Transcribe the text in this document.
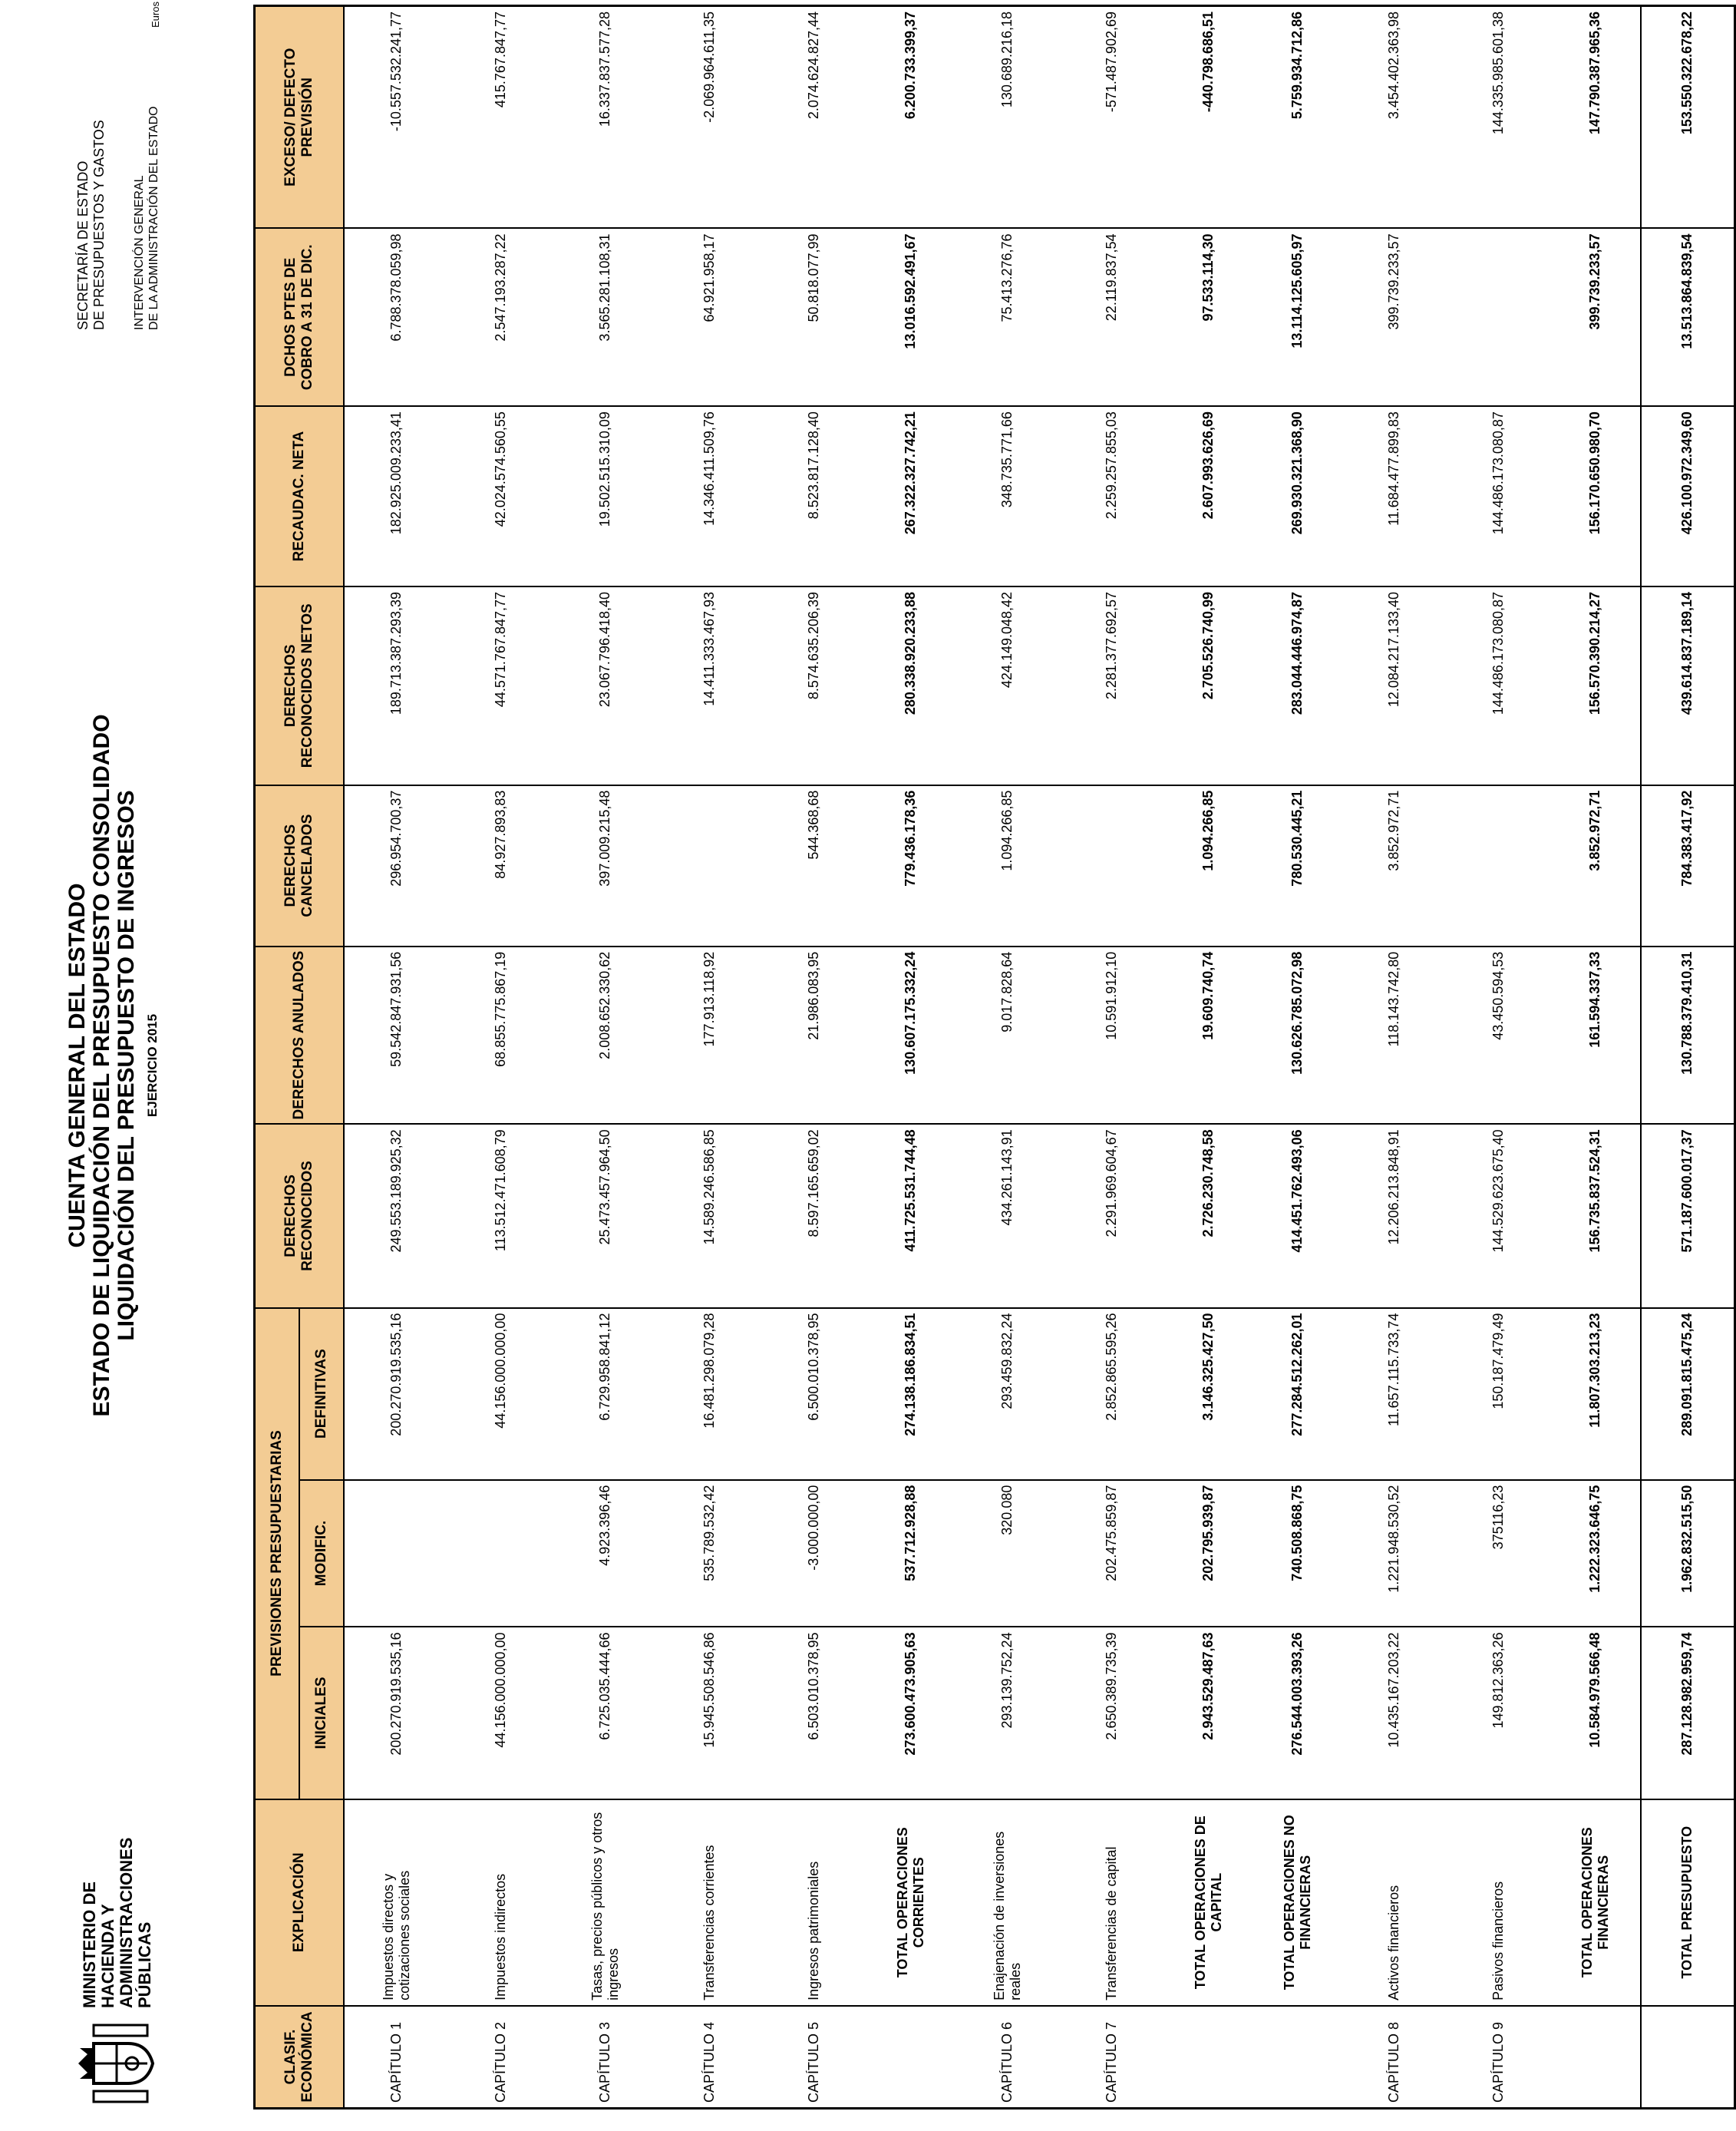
MINISTERIO DE HACIENDA Y ADMINISTRACIONES PÚBLICAS
CUENTA GENERAL DEL ESTADO ESTADO DE LIQUIDACIÓN DEL PRESUPUESTO CONSOLIDADO LIQUIDACIÓN DEL PRESUPUESTO DE INGRESOS EJERCICIO 2015
SECRETARÍA DE ESTADO DE PRESUPUESTOS Y GASTOS INTERVENCIÓN GENERAL DE LA ADMINISTRACIÓN DEL ESTADO
Euros
CLASIF. ECONÓMICA	EXPLICACIÓN	PREVISIONES PRESUPUESTARIAS			DERECHOS RECONOCIDOS	DERECHOS ANULADOS	DERECHOS CANCELADOS	DERECHOS RECONOCIDOS NETOS	RECAUDAC. NETA	DCHOS PTES DE COBRO A 31 DE DIC.	EXCESO/ DEFECTO PREVISIÓN
		INICIALES	MODIFIC.	DEFINITIVAS							
CAPÍTULO 1	Impuestos directos y cotizaciones sociales	200.270.919.535,16		200.270.919.535,16	249.553.189.925,32	59.542.847.931,56	296.954.700,37	189.713.387.293,39	182.925.009.233,41	6.788.378.059,98	-10.557.532.241,77
CAPÍTULO 2	Impuestos indirectos	44.156.000.000,00		44.156.000.000,00	113.512.471.608,79	68.855.775.867,19	84.927.893,83	44.571.767.847,77	42.024.574.560,55	2.547.193.287,22	415.767.847,77
CAPÍTULO 3	Tasas, precios públicos y otros ingresos	6.725.035.444,66	4.923.396,46	6.729.958.841,12	25.473.457.964,50	2.008.652.330,62	397.009.215,48	23.067.796.418,40	19.502.515.310,09	3.565.281.108,31	16.337.837.577,28
CAPÍTULO 4	Transferencias corrientes	15.945.508.546,86	535.789.532,42	16.481.298.079,28	14.589.246.586,85	177.913.118,92		14.411.333.467,93	14.346.411.509,76	64.921.958,17	-2.069.964.611,35
CAPÍTULO 5	Ingresos patrimoniales	6.503.010.378,95	-3.000.000,00	6.500.010.378,95	8.597.165.659,02	21.986.083,95	544.368,68	8.574.635.206,39	8.523.817.128,40	50.818.077,99	2.074.624.827,44
	TOTAL OPERACIONES CORRIENTES	273.600.473.905,63	537.712.928,88	274.138.186.834,51	411.725.531.744,48	130.607.175.332,24	779.436.178,36	280.338.920.233,88	267.322.327.742,21	13.016.592.491,67	6.200.733.399,37
CAPÍTULO 6	Enajenación de inversiones reales	293.139.752,24	320.080	293.459.832,24	434.261.143,91	9.017.828,64	1.094.266,85	424.149.048,42	348.735.771,66	75.413.276,76	130.689.216,18
CAPÍTULO 7	Transferencias de capital	2.650.389.735,39	202.475.859,87	2.852.865.595,26	2.291.969.604,67	10.591.912,10		2.281.377.692,57	2.259.257.855,03	22.119.837,54	-571.487.902,69
	TOTAL OPERACIONES DE CAPITAL	2.943.529.487,63	202.795.939,87	3.146.325.427,50	2.726.230.748,58	19.609.740,74	1.094.266,85	2.705.526.740,99	2.607.993.626,69	97.533.114,30	-440.798.686,51
	TOTAL OPERACIONES NO FINANCIERAS	276.544.003.393,26	740.508.868,75	277.284.512.262,01	414.451.762.493,06	130.626.785.072,98	780.530.445,21	283.044.446.974,87	269.930.321.368,90	13.114.125.605,97	5.759.934.712,86
CAPÍTULO 8	Activos financieros	10.435.167.203,22	1.221.948.530,52	11.657.115.733,74	12.206.213.848,91	118.143.742,80	3.852.972,71	12.084.217.133,40	11.684.477.899,83	399.739.233,57	3.454.402.363,98
CAPÍTULO 9	Pasivos financieros	149.812.363,26	375116,23	150.187.479,49	144.529.623.675,40	43.450.594,53		144.486.173.080,87	144.486.173.080,87		144.335.985.601,38
	TOTAL OPERACIONES FINANCIERAS	10.584.979.566,48	1.222.323.646,75	11.807.303.213,23	156.735.837.524,31	161.594.337,33	3.852.972,71	156.570.390.214,27	156.170.650.980,70	399.739.233,57	147.790.387.965,36
	TOTAL PRESUPUESTO	287.128.982.959,74	1.962.832.515,50	289.091.815.475,24	571.187.600.017,37	130.788.379.410,31	784.383.417,92	439.614.837.189,14	426.100.972.349,60	13.513.864.839,54	153.550.322.678,22
